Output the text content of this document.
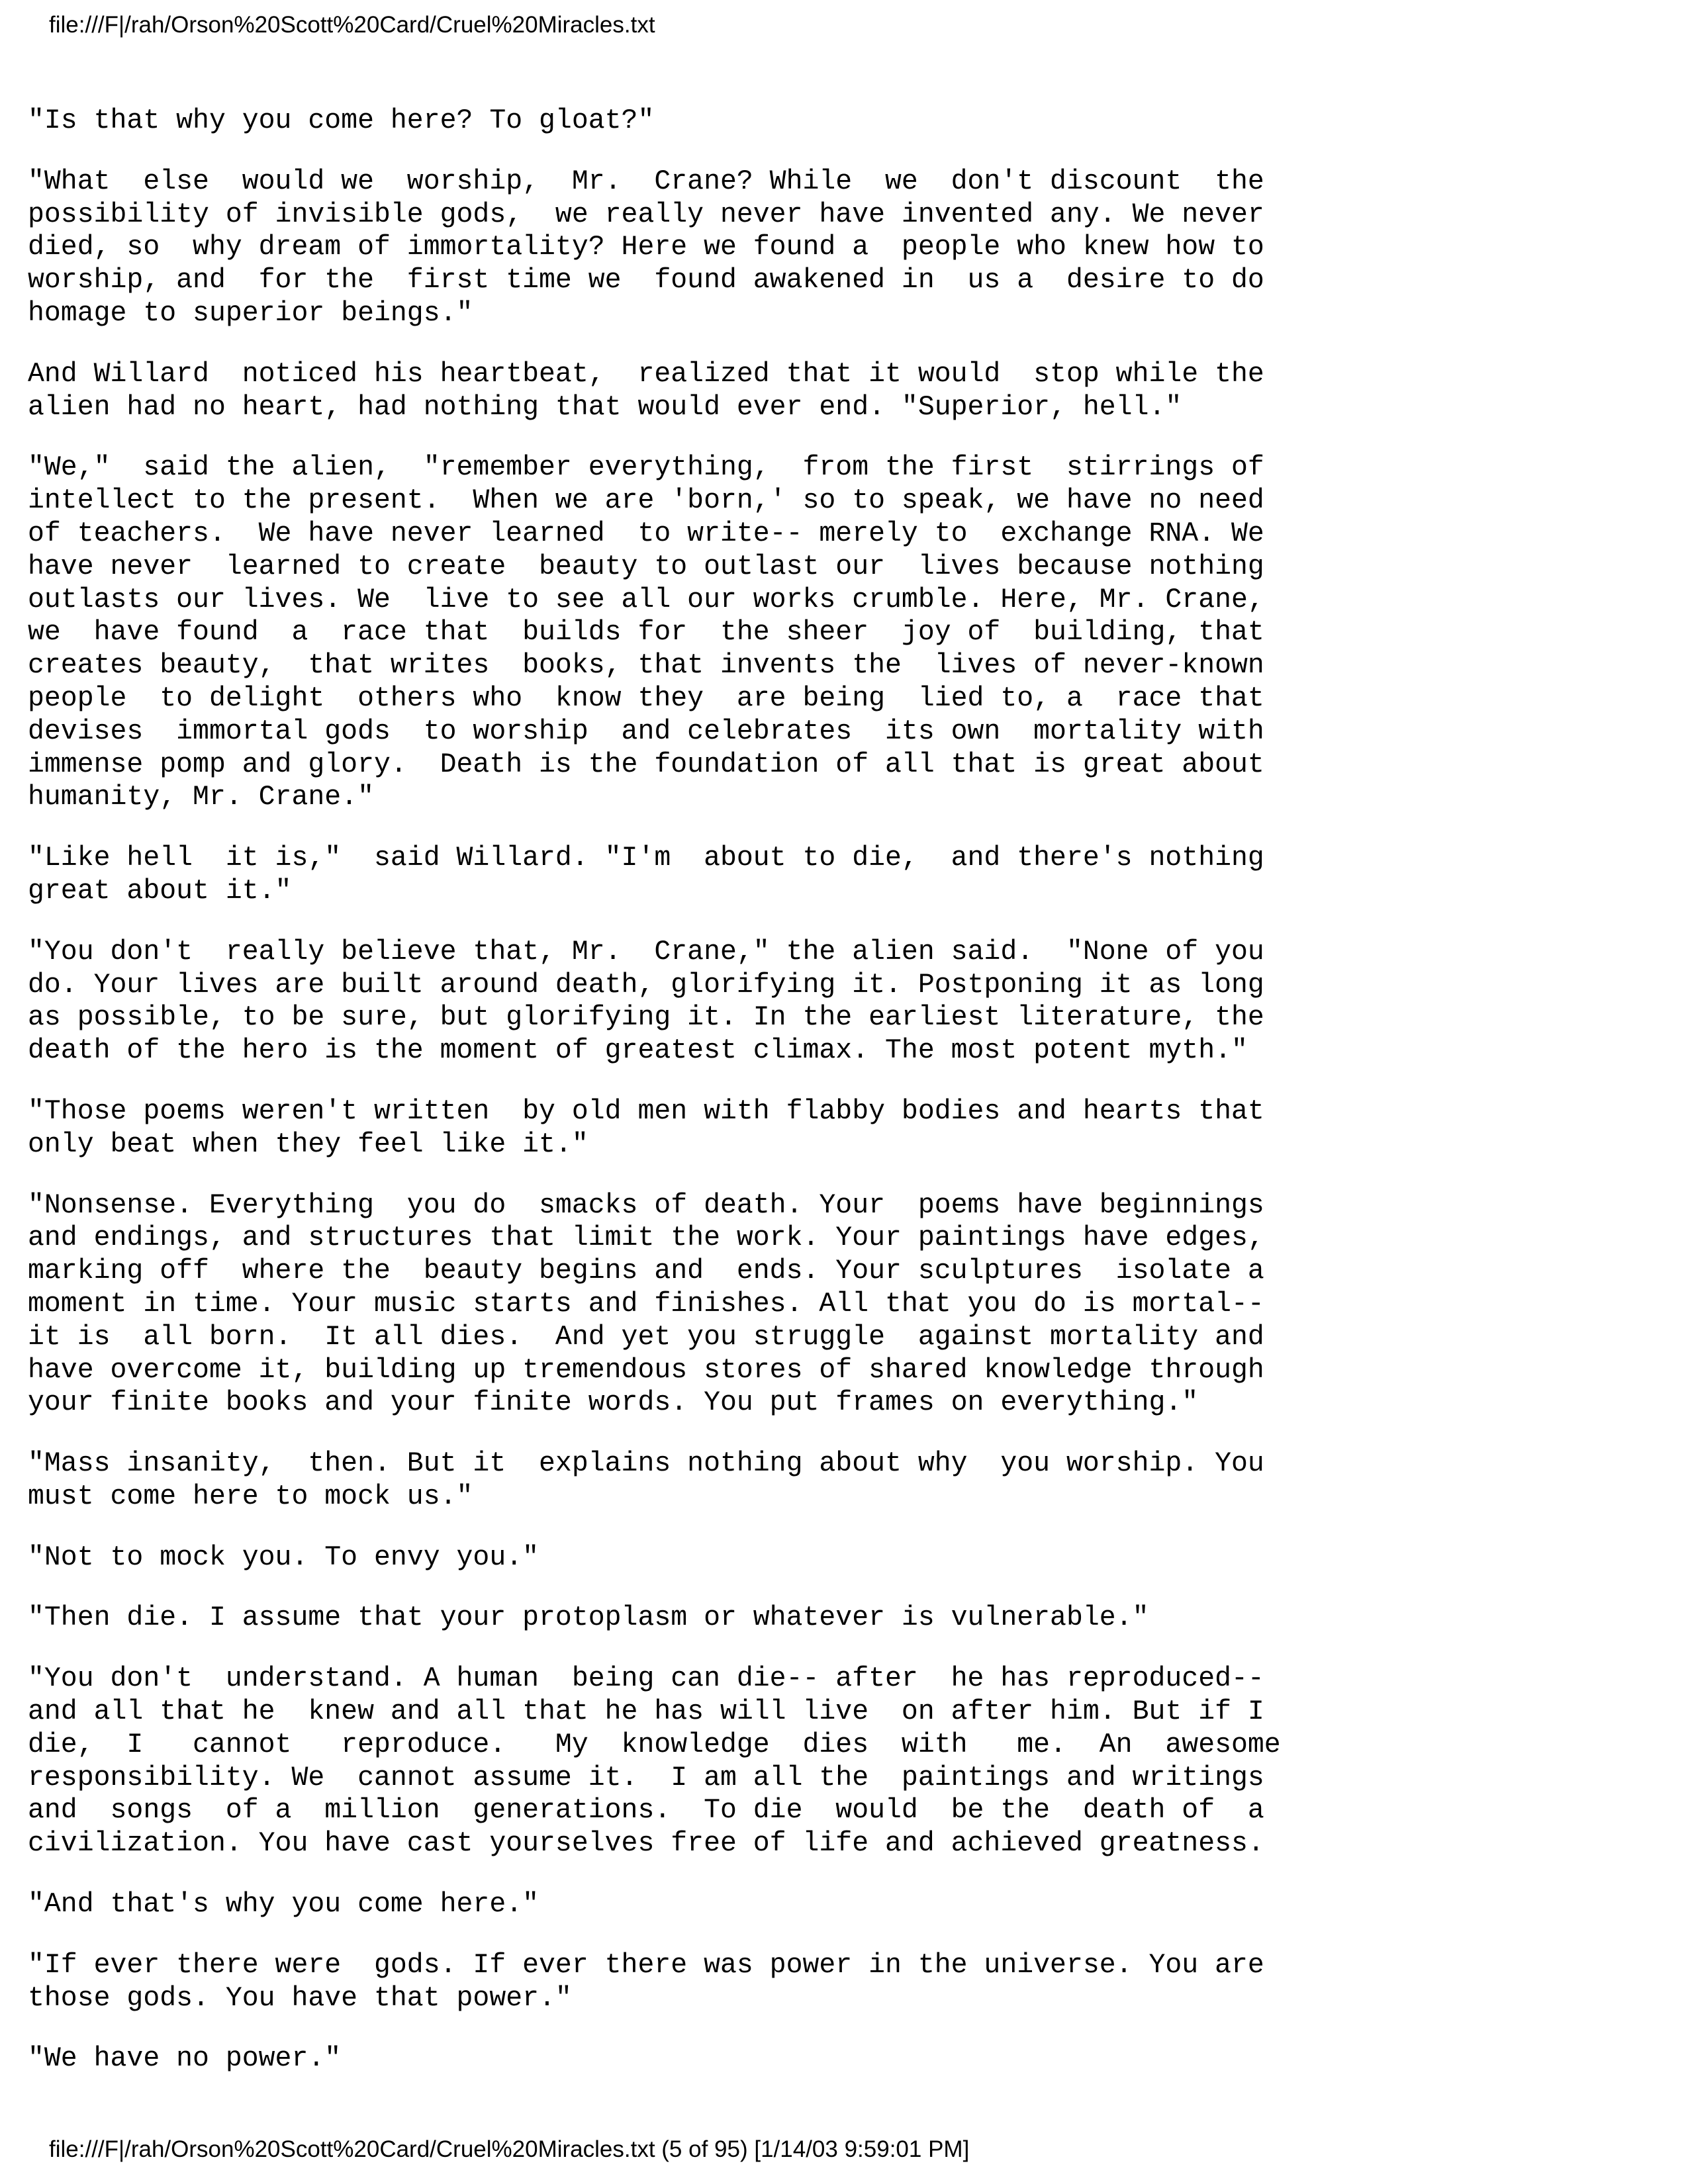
file:///F|/rah/Orson%20Scott%20Card/Cruel%20Miracles.txt

"Is that why you come here? To gloat?"

"What  else  would we  worship,  Mr.  Crane? While  we  don't discount  the
possibility of invisible gods,  we really never have invented any. We never
died, so  why dream of immortality? Here we found a  people who knew how to
worship, and  for the  first time we  found awakened in  us a  desire to do
homage to superior beings."

And Willard  noticed his heartbeat,  realized that it would  stop while the
alien had no heart, had nothing that would ever end. "Superior, hell."

"We,"  said the alien,  "remember everything,  from the first  stirrings of
intellect to the present.  When we are 'born,' so to speak, we have no need
of teachers.  We have never learned  to write-- merely to  exchange RNA. We
have never  learned to create  beauty to outlast our  lives because nothing
outlasts our lives. We  live to see all our works crumble. Here, Mr. Crane,
we  have found  a  race that  builds for  the sheer  joy of  building, that
creates beauty,  that writes  books, that invents the  lives of never-known
people  to delight  others who  know they  are being  lied to, a  race that
devises  immortal gods  to worship  and celebrates  its own  mortality with
immense pomp and glory.  Death is the foundation of all that is great about
humanity, Mr. Crane."

"Like hell  it is,"  said Willard. "I'm  about to die,  and there's nothing
great about it."

"You don't  really believe that, Mr.  Crane," the alien said.  "None of you
do. Your lives are built around death, glorifying it. Postponing it as long
as possible, to be sure, but glorifying it. In the earliest literature, the
death of the hero is the moment of greatest climax. The most potent myth."

"Those poems weren't written  by old men with flabby bodies and hearts that
only beat when they feel like it."

"Nonsense. Everything  you do  smacks of death. Your  poems have beginnings
and endings, and structures that limit the work. Your paintings have edges,
marking off  where the  beauty begins and  ends. Your sculptures  isolate a
moment in time. Your music starts and finishes. All that you do is mortal--
it is  all born.  It all dies.  And yet you struggle  against mortality and
have overcome it, building up tremendous stores of shared knowledge through
your finite books and your finite words. You put frames on everything."

"Mass insanity,  then. But it  explains nothing about why  you worship. You
must come here to mock us."

"Not to mock you. To envy you."

"Then die. I assume that your protoplasm or whatever is vulnerable."

"You don't  understand. A human  being can die-- after  he has reproduced--
and all that he  knew and all that he has will live  on after him. But if I
die,  I   cannot   reproduce.   My  knowledge  dies  with   me.  An  awesome
responsibility. We  cannot assume it.  I am all the  paintings and writings
and  songs  of a  million  generations.  To die  would  be the  death of  a
civilization. You have cast yourselves free of life and achieved greatness.

"And that's why you come here."

"If ever there were  gods. If ever there was power in the universe. You are
those gods. You have that power."

"We have no power."

file:///F|/rah/Orson%20Scott%20Card/Cruel%20Miracles.txt (5 of 95) [1/14/03 9:59:01 PM]
